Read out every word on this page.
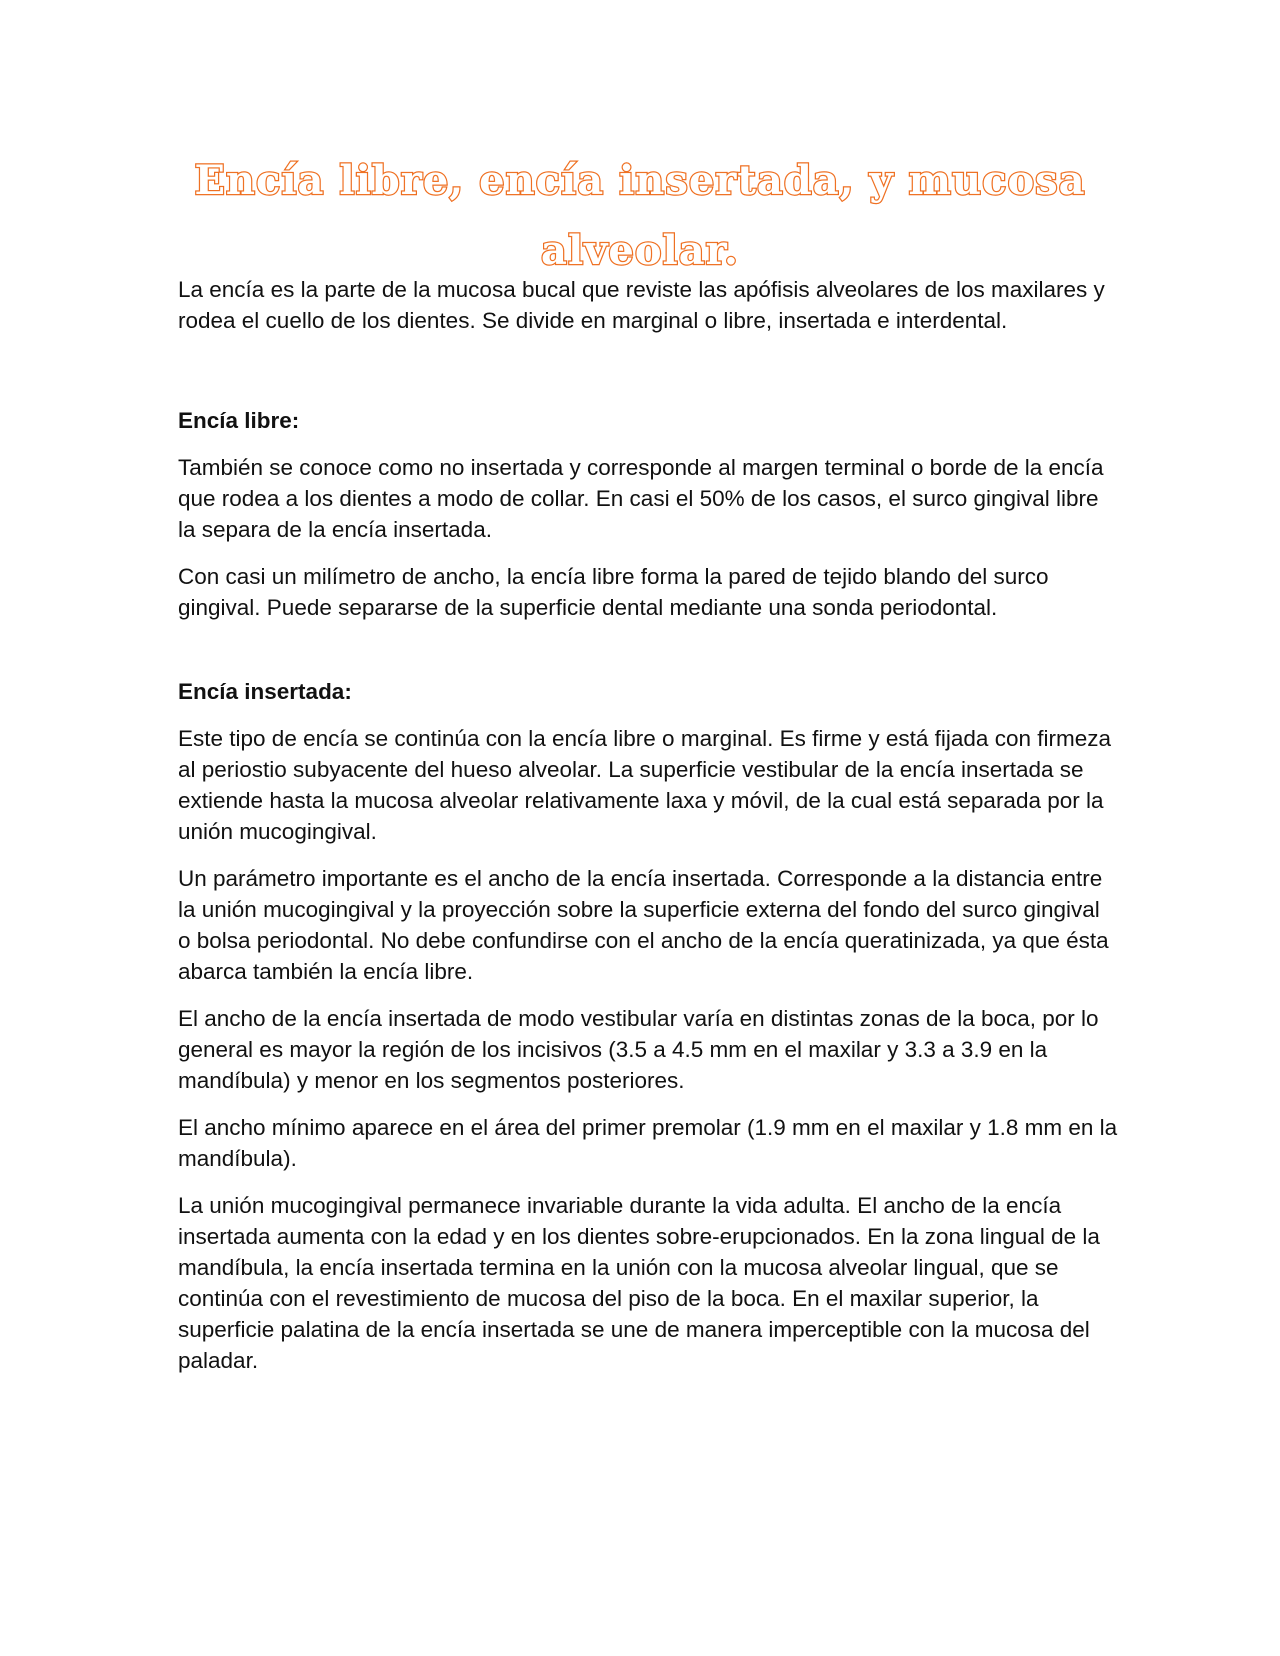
Encía libre, encía insertada, y mucosa alveolar.

La encía es la parte de la mucosa bucal que reviste las apófisis alveolares de los maxilares y rodea el cuello de los dientes. Se divide en marginal o libre, insertada e interdental.

Encía libre:

También se conoce como no insertada y corresponde al margen terminal o borde de la encía que rodea a los dientes a modo de collar. En casi el 50% de los casos, el surco gingival libre la separa de la encía insertada.

Con casi un milímetro de ancho, la encía libre forma la pared de tejido blando del surco gingival. Puede separarse de la superficie dental mediante una sonda periodontal.

Encía insertada:

Este tipo de encía se continúa con la encía libre o marginal. Es firme y está fijada con firmeza al periostio subyacente del hueso alveolar. La superficie vestibular de la encía insertada se extiende hasta la mucosa alveolar relativamente laxa y móvil, de la cual está separada por la unión mucogingival.

Un parámetro importante es el ancho de la encía insertada. Corresponde a la distancia entre la unión mucogingival y la proyección sobre la superficie externa del fondo del surco gingival o bolsa periodontal. No debe confundirse con el ancho de la encía queratinizada, ya que ésta abarca también la encía libre.

El ancho de la encía insertada de modo vestibular varía en distintas zonas de la boca, por lo general es mayor la región de los incisivos (3.5 a 4.5 mm en el maxilar y 3.3 a 3.9 en la mandíbula) y menor en los segmentos posteriores.

El ancho mínimo aparece en el área del primer premolar (1.9 mm en el maxilar y 1.8 mm en la mandíbula).

La unión mucogingival permanece invariable durante la vida adulta. El ancho de la encía insertada aumenta con la edad y en los dientes sobre-erupcionados. En la zona lingual de la mandíbula, la encía insertada termina en la unión con la mucosa alveolar lingual, que se continúa con el revestimiento de mucosa del piso de la boca. En el maxilar superior, la superficie palatina de la encía insertada se une de manera imperceptible con la mucosa del paladar.
